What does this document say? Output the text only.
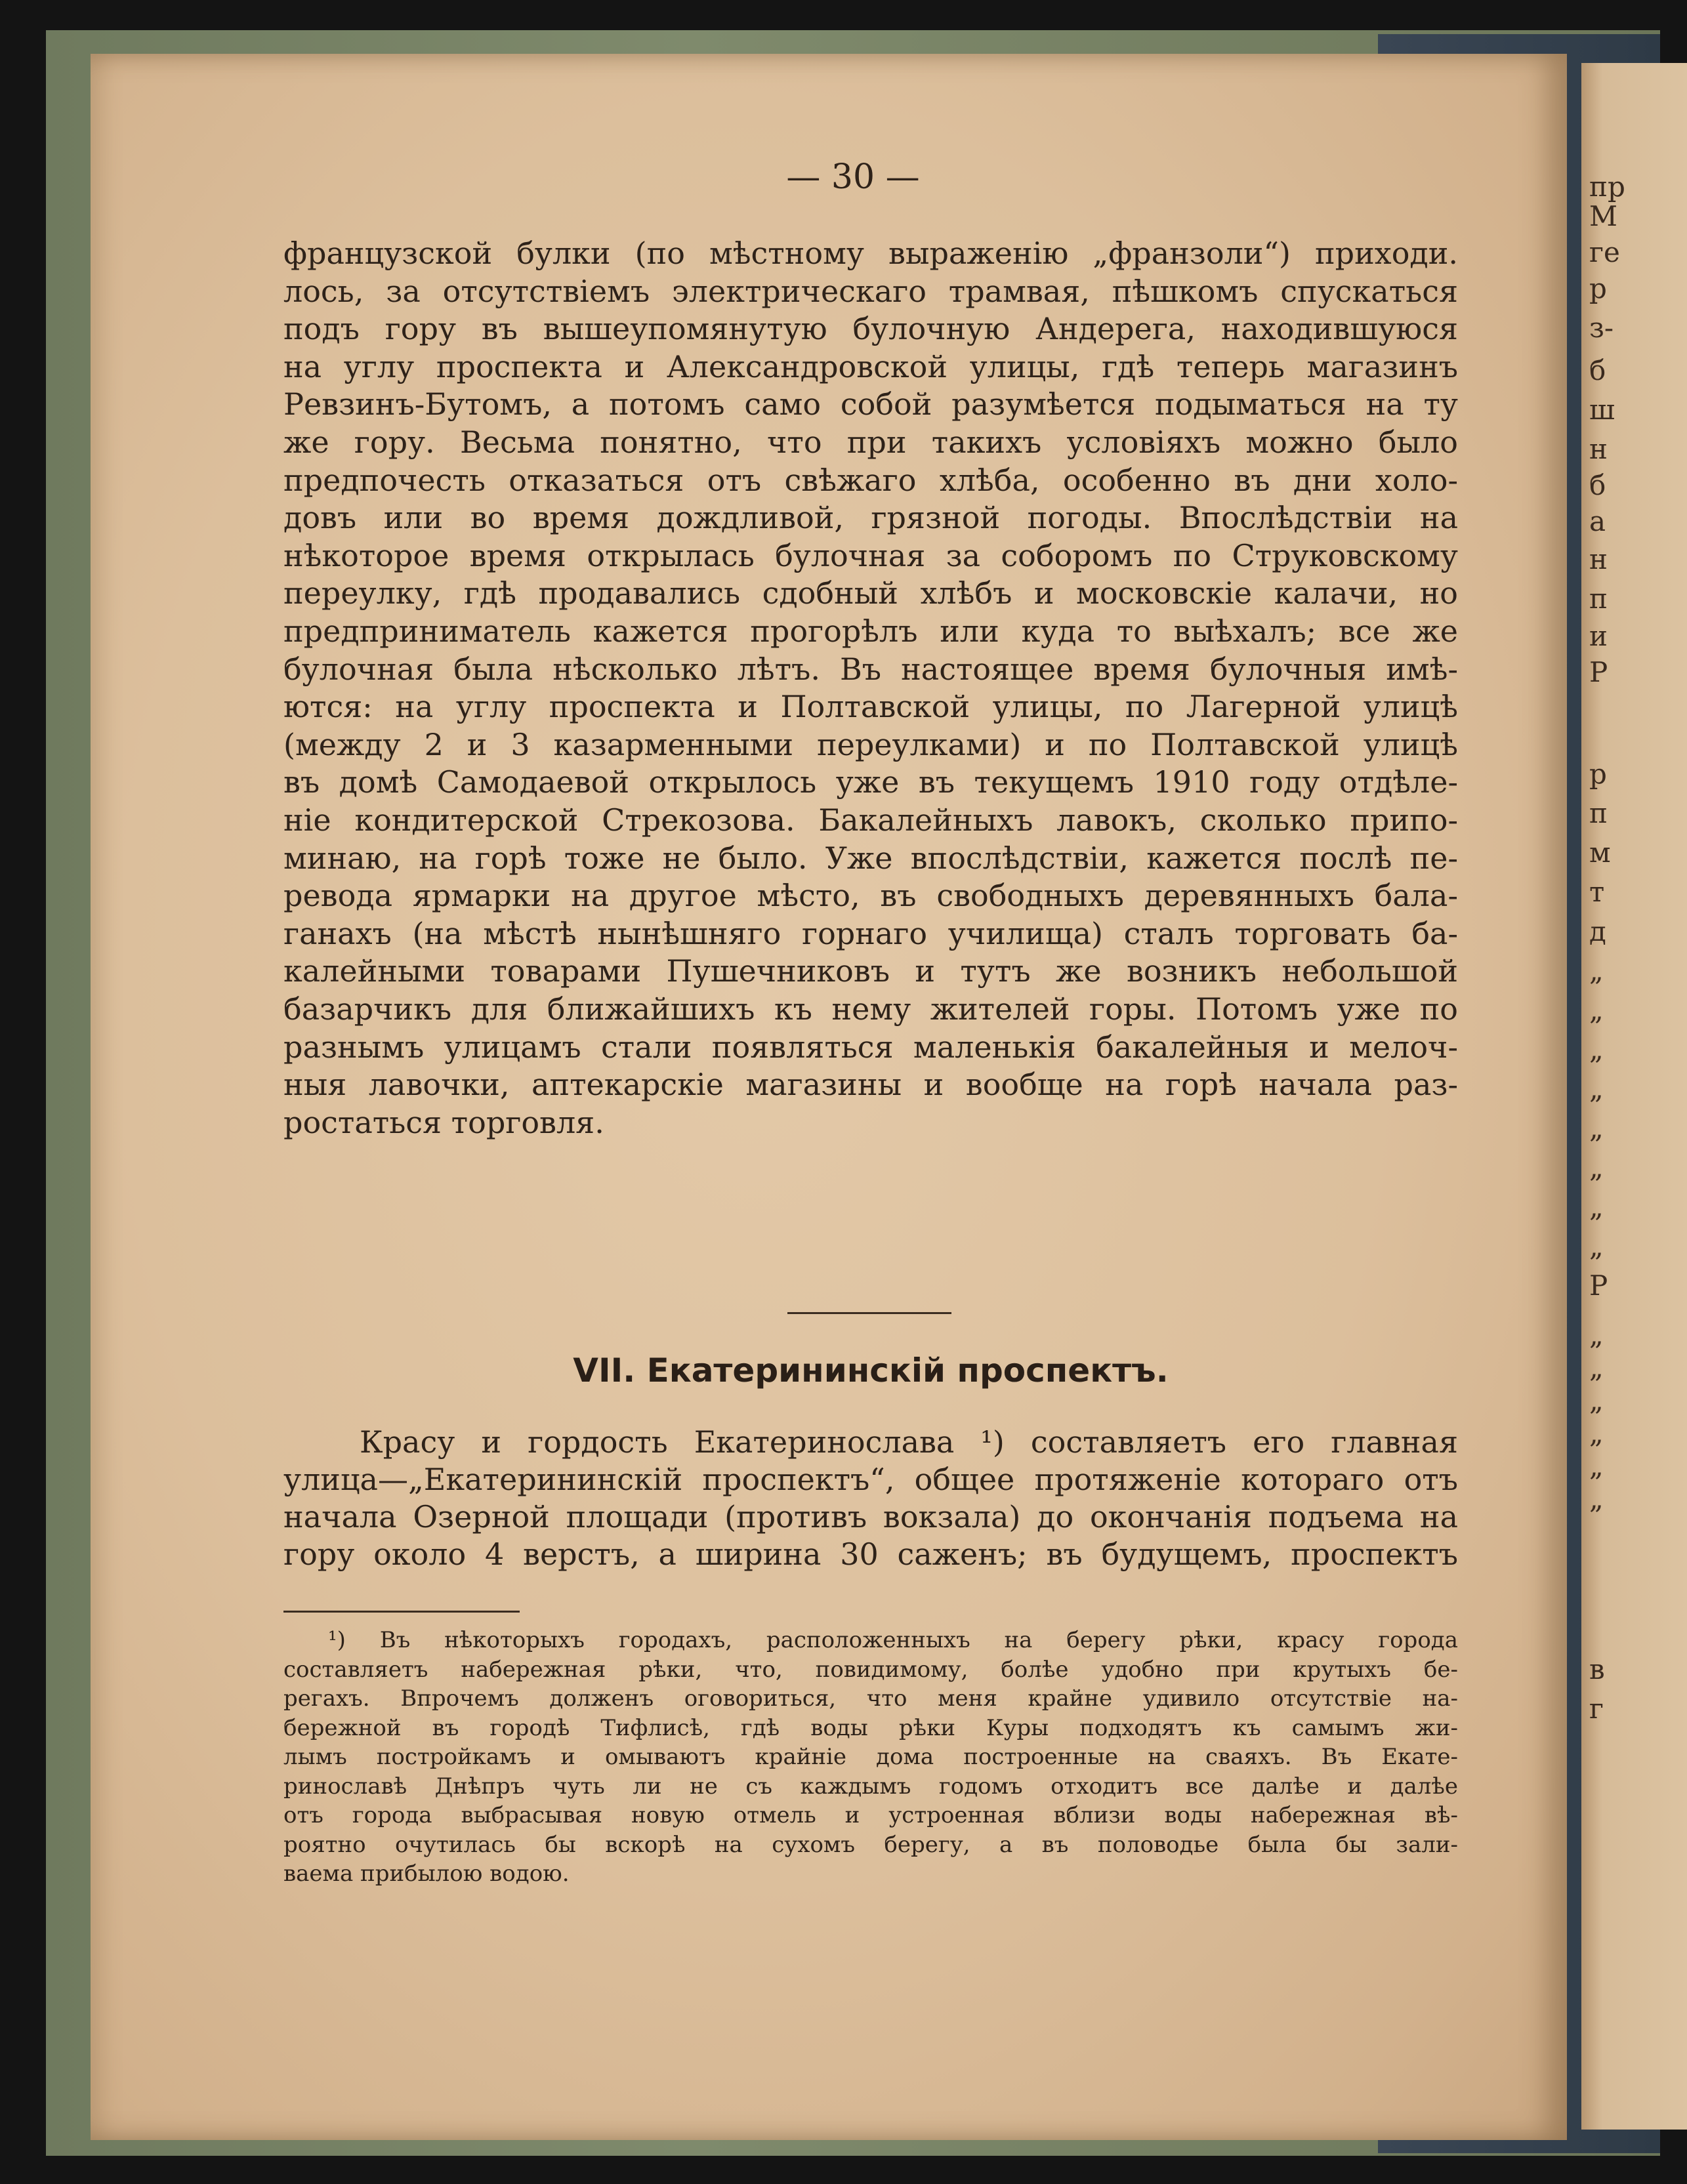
пр
М
ге
р
з-
б
ш
н
б
а
н
п
и
Р
р
п
м
т
д
„
„
„
„
„
„
„
„
Р
„
„
„
„
„
„
в
г
— 30 —
французской булки (по мѣстному выраженію „франзоли“) приходи.
лось, за отсутствіемъ электрическаго трамвая, пѣшкомъ спускаться
подъ гору въ вышеупомянутую булочную Андерега, находившуюся
на углу проспекта и Александровской улицы, гдѣ теперь магазинъ
Ревзинъ-Бутомъ, а потомъ само собой разумѣется подыматься на ту
же гору. Весьма понятно, что при такихъ условіяхъ можно было
предпочесть отказаться отъ свѣжаго хлѣба, особенно въ дни холо-
довъ или во время дождливой, грязной погоды. Впослѣдствіи на
нѣкоторое время открылась булочная за соборомъ по Струковскому
переулку, гдѣ продавались сдобный хлѣбъ и московскіе калачи, но
предприниматель кажется прогорѣлъ или куда то выѣхалъ; все же
булочная была нѣсколько лѣтъ. Въ настоящее время булочныя имѣ-
ются: на углу проспекта и Полтавской улицы, по Лагерной улицѣ
(между 2 и 3 казарменными переулками) и по Полтавской улицѣ
въ домѣ Самодаевой открылось уже въ текущемъ 1910 году отдѣле-
ніе кондитерской Стрекозова. Бакалейныхъ лавокъ, сколько припо-
минаю, на горѣ тоже не было. Уже впослѣдствіи, кажется послѣ пе-
ревода ярмарки на другое мѣсто, въ свободныхъ деревянныхъ бала-
ганахъ (на мѣстѣ нынѣшняго горнаго училища) сталъ торговать ба-
калейными товарами Пушечниковъ и тутъ же возникъ небольшой
базарчикъ для ближайшихъ къ нему жителей горы. Потомъ уже по
разнымъ улицамъ стали появляться маленькія бакалейныя и мелоч-
ныя лавочки, аптекарскіе магазины и вообще на горѣ начала раз-
ростаться торговля.
VII. Екатерининскій проспектъ.
Красу и гордость Екатеринослава ¹) составляетъ его главная
улица—„Екатерининскій проспектъ“, общее протяженіе котораго отъ
начала Озерной площади (противъ вокзала) до окончанія подъема на
гору около 4 верстъ, а ширина 30 саженъ; въ будущемъ, проспектъ
¹) Въ нѣкоторыхъ городахъ, расположенныхъ на берегу рѣки, красу города
составляетъ набережная рѣки, что, повидимому, болѣе удобно при крутыхъ бе-
регахъ. Впрочемъ долженъ оговориться, что меня крайне удивило отсутствіе на-
бережной въ городѣ Тифлисѣ, гдѣ воды рѣки Куры подходятъ къ самымъ жи-
лымъ постройкамъ и омываютъ крайніе дома построенные на сваяхъ. Въ Екате-
ринославѣ Днѣпръ чуть ли не съ каждымъ годомъ отходитъ все далѣе и далѣе
отъ города выбрасывая новую отмель и устроенная вблизи воды набережная вѣ-
роятно очутилась бы вскорѣ на сухомъ берегу, а въ половодье была бы зали-
ваема прибылою водою.
